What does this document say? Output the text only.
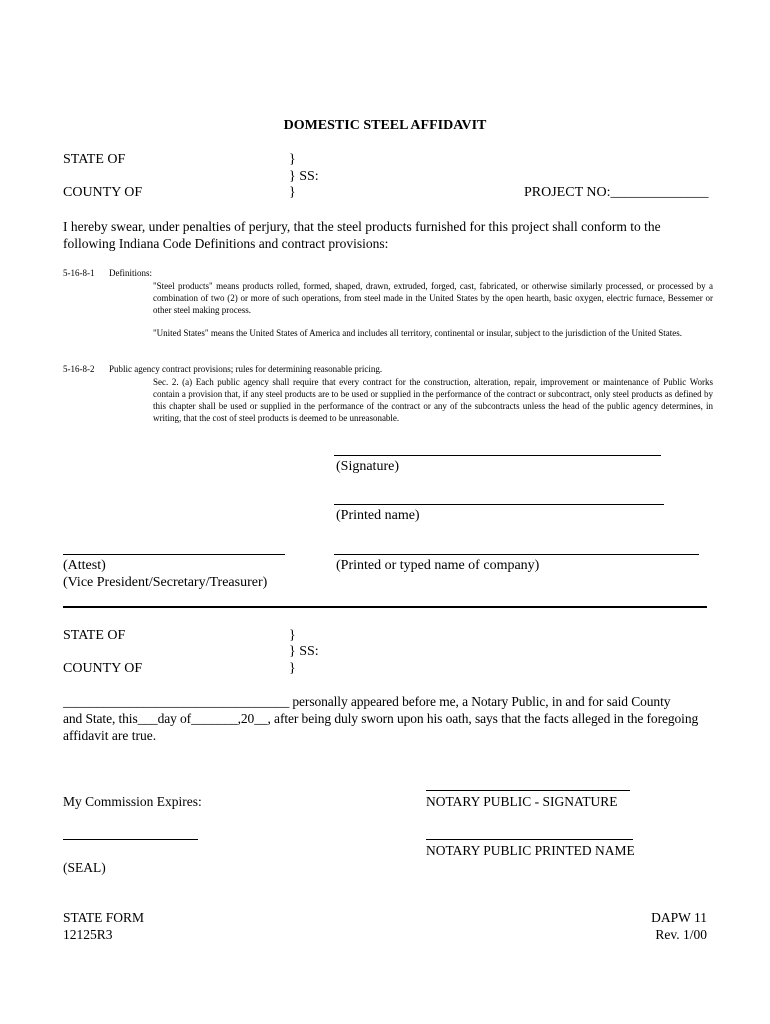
DOMESTIC STEEL AFFIDAVIT
STATE OF	}
} SS:
COUNTY OF	}	PROJECT NO:______________
I hereby swear, under penalties of perjury, that the steel products furnished for this project shall conform to the following Indiana Code Definitions and contract provisions:
5-16-8-1 Definitions:
"Steel products" means products rolled, formed, shaped, drawn, extruded, forged, cast, fabricated, or otherwise similarly processed, or processed by a combination of two (2) or more of such operations, from steel made in the United States by the open hearth, basic oxygen, electric furnace, Bessemer or other steel making process.
"United States" means the United States of America and includes all territory, continental or insular, subject to the jurisdiction of the United States.
5-16-8-2 Public agency contract provisions; rules for determining reasonable pricing.
Sec. 2. (a) Each public agency shall require that every contract for the construction, alteration, repair, improvement or maintenance of Public Works contain a provision that, if any steel products are to be used or supplied in the performance of the contract or subcontract, only steel products as defined by this chapter shall be used or supplied in the performance of the contract or any of the subcontracts unless the head of the public agency determines, in writing, that the cost of steel products is deemed to be unreasonable.
(Signature)
(Printed name)
(Attest)
(Vice President/Secretary/Treasurer)
(Printed or typed name of company)
STATE OF	}
} SS:
COUNTY OF	}
__________________________________ personally appeared before me, a Notary Public, in and for said County
and State, this___day of_______,20__, after being duly sworn upon his oath, says that the facts alleged in the foregoing
affidavit are true.
My Commission Expires:	NOTARY PUBLIC - SIGNATURE
NOTARY PUBLIC PRINTED NAME
(SEAL)
STATE FORM
12125R3
DAPW 11
Rev. 1/00
